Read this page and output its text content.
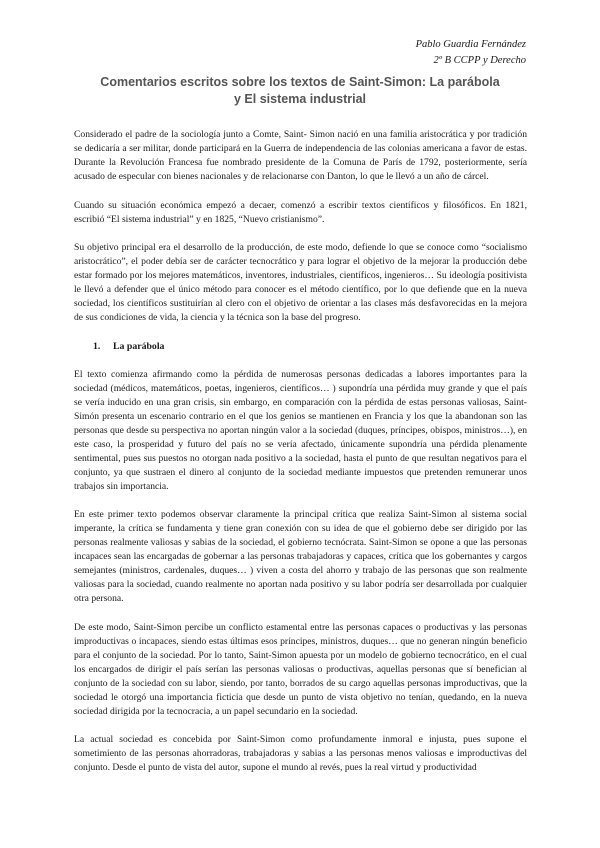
Pablo Guardia Fernández
2º B CCPP y Derecho
Comentarios escritos sobre los textos de Saint-Simon: La parábola y El sistema industrial

Considerado el padre de la sociología junto a Comte, Saint- Simon nació en una familia aristocrática y por tradición se dedicaría a ser militar, donde participará en la Guerra de independencia de las colonias americana a favor de estas. Durante la Revolución Francesa fue nombrado presidente de la Comuna de París de 1792, posteriormente, sería acusado de especular con bienes nacionales y de relacionarse con Danton, lo que le llevó a un año de cárcel.

Cuando su situación económica empezó a decaer, comenzó a escribir textos científicos y filosóficos. En 1821, escribió “El sistema industrial” y en 1825, “Nuevo cristianismo”.

Su objetivo principal era el desarrollo de la producción, de este modo, defiende lo que se conoce como “socialismo aristocrático”, el poder debía ser de carácter tecnocrático y para lograr el objetivo de la mejorar la producción debe estar formado por los mejores matemáticos, inventores, industriales, científicos, ingenieros… Su ideología positivista le llevó a defender que el único método para conocer es el método científico, por lo que defiende que en la nueva sociedad, los científicos sustituirían al clero con el objetivo de orientar a las clases más desfavorecidas en la mejora de sus condiciones de vida, la ciencia y la técnica son la base del progreso.

1. La parábola

El texto comienza afirmando como la pérdida de numerosas personas dedicadas a labores importantes para la sociedad (médicos, matemáticos, poetas, ingenieros, científicos… ) supondría una pérdida muy grande y que el país se vería inducido en una gran crisis, sin embargo, en comparación con la pérdida de estas personas valiosas, Saint-Simón presenta un escenario contrario en el que los genios se mantienen en Francia y los que la abandonan son las personas que desde su perspectiva no aportan ningún valor a la sociedad (duques, príncipes, obispos, ministros…), en este caso, la prosperidad y futuro del país no se vería afectado, únicamente supondría una pérdida plenamente sentimental, pues sus puestos no otorgan nada positivo a la sociedad, hasta el punto de que resultan negativos para el conjunto, ya que sustraen el dinero al conjunto de la sociedad mediante impuestos que pretenden remunerar unos trabajos sin importancia.

En este primer texto podemos observar claramente la principal crítica que realiza Saint-Simon al sistema social imperante, la crítica se fundamenta y tiene gran conexión con su idea de que el gobierno debe ser dirigido por las personas realmente valiosas y sabias de la sociedad, el gobierno tecnócrata. Saint-Simon se opone a que las personas incapaces sean las encargadas de gobernar a las personas trabajadoras y capaces, crítica que los gobernantes y cargos semejantes (ministros, cardenales, duques… ) viven a costa del ahorro y trabajo de las personas que son realmente valiosas para la sociedad, cuando realmente no aportan nada positivo y su labor podría ser desarrollada por cualquier otra persona.

De este modo, Saint-Simon percibe un conflicto estamental entre las personas capaces o productivas y las personas improductivas o incapaces, siendo estas últimas esos príncipes, ministros, duques… que no generan ningún beneficio para el conjunto de la sociedad. Por lo tanto, Saint-Simon apuesta por un modelo de gobierno tecnocrático, en el cual los encargados de dirigir el país serían las personas valiosas o productivas, aquellas personas que sí benefician al conjunto de la sociedad con su labor, siendo, por tanto, borrados de su cargo aquellas personas improductivas, que la sociedad le otorgó una importancia ficticia que desde un punto de vista objetivo no tenían, quedando, en la nueva sociedad dirigida por la tecnocracia, a un papel secundario en la sociedad.

La actual sociedad es concebida por Saint-Simon como profundamente inmoral e injusta, pues supone el sometimiento de las personas ahorradoras, trabajadoras y sabias a las personas menos valiosas e improductivas del conjunto. Desde el punto de vista del autor, supone el mundo al revés, pues la real virtud y productividad
